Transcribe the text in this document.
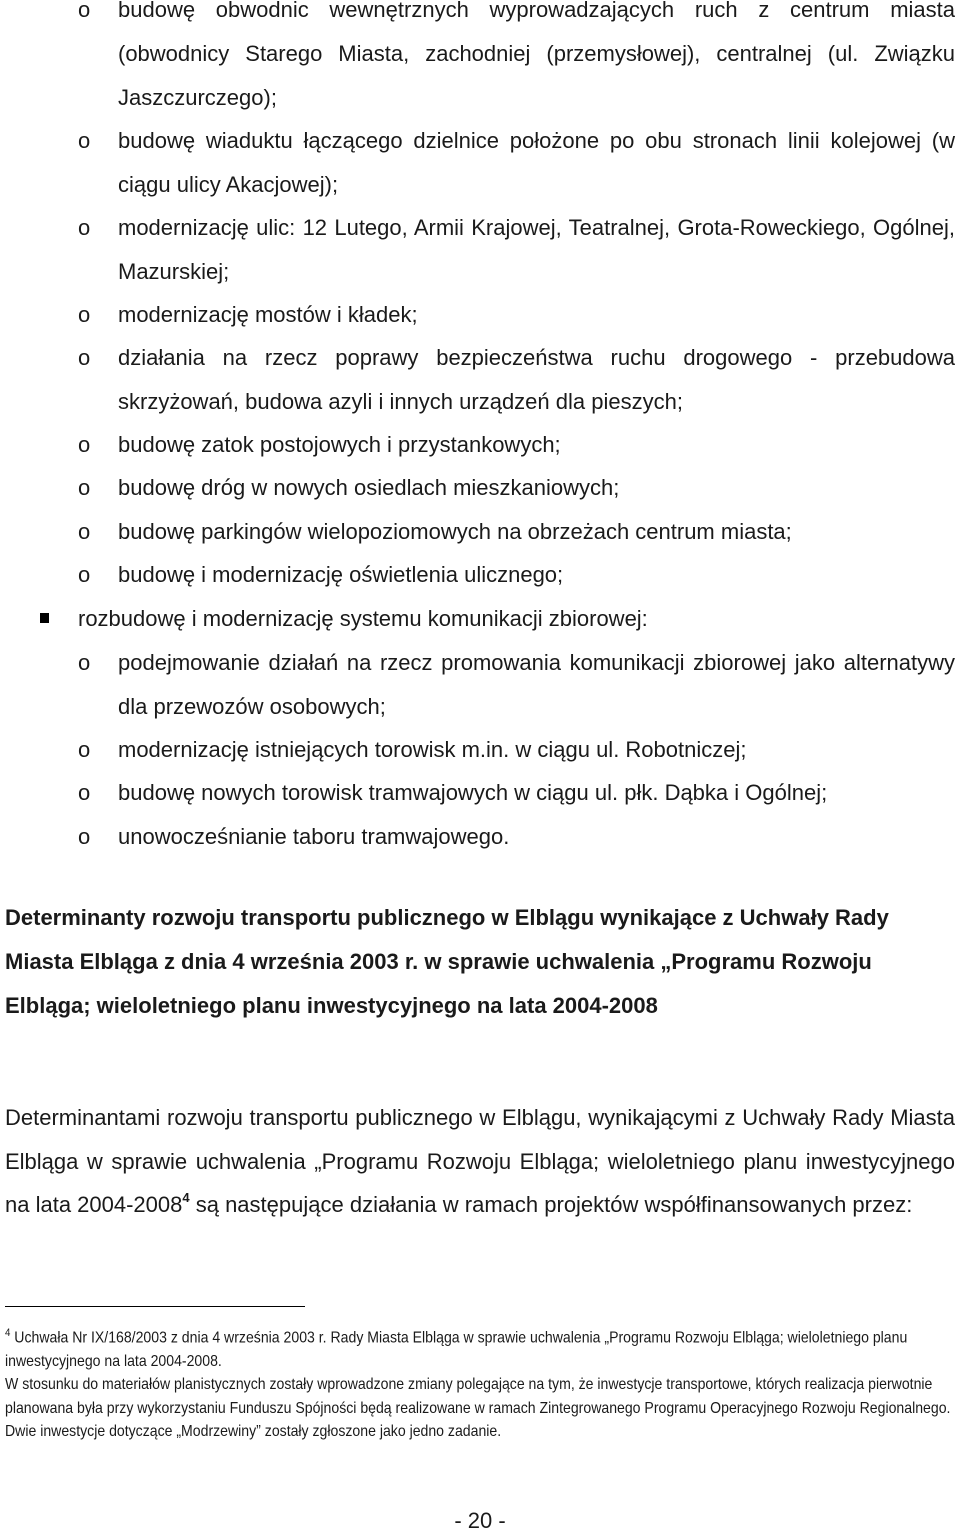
o budowę obwodnic wewnętrznych wyprowadzających ruch z centrum miasta (obwodnicy Starego Miasta, zachodniej (przemysłowej), centralnej (ul. Związku Jaszczurczego);
o budowę wiaduktu łączącego dzielnice położone po obu stronach linii kolejowej (w ciągu ulicy Akacjowej);
o modernizację ulic: 12 Lutego, Armii Krajowej, Teatralnej, Grota-Roweckiego, Ogólnej, Mazurskiej;
o modernizację mostów i kładek;
o działania na rzecz poprawy bezpieczeństwa ruchu drogowego - przebudowa skrzyżowań, budowa azyli i innych urządzeń dla pieszych;
o budowę zatok postojowych i przystankowych;
o budowę dróg w nowych osiedlach mieszkaniowych;
o budowę parkingów wielopoziomowych na obrzeżach centrum miasta;
o budowę i modernizację oświetlenia ulicznego;
rozbudowę i modernizację systemu komunikacji zbiorowej:
o podejmowanie działań na rzecz promowania komunikacji zbiorowej jako alternatywy dla przewozów osobowych;
o modernizację istniejących torowisk m.in. w ciągu ul. Robotniczej;
o budowę nowych torowisk tramwajowych w ciągu ul. płk. Dąbka i Ogólnej;
o unowocześnianie taboru tramwajowego.
Determinanty rozwoju transportu publicznego w Elblągu wynikające z Uchwały Rady Miasta Elbląga z dnia 4 września 2003 r. w sprawie uchwalenia „Programu Rozwoju Elbląga; wieloletniego planu inwestycyjnego na lata 2004-2008

Determinantami rozwoju transportu publicznego w Elblągu, wynikającymi z Uchwały Rady Miasta Elbląga w sprawie uchwalenia „Programu Rozwoju Elbląga; wieloletniego planu inwestycyjnego na lata 2004-2008$^4$ są następujące działania w ramach projektów współfinansowanych przez:

$^4$ Uchwała Nr IX/168/2003 z dnia 4 września 2003 r. Rady Miasta Elbląga w sprawie uchwalenia „Programu Rozwoju Elbląga; wieloletniego planu inwestycyjnego na lata 2004-2008.

W stosunku do materiałów planistycznych zostały wprowadzone zmiany polegające na tym, że inwestycje transportowe, których realizacja pierwotnie planowana była przy wykorzystaniu Funduszu Spójności będą realizowane w ramach Zintegrowanego Programu Operacyjnego Rozwoju Regionalnego. Dwie inwestycje dotyczące „Modrzewiny” zostały zgłoszone jako jedno zadanie.

- 20 -
